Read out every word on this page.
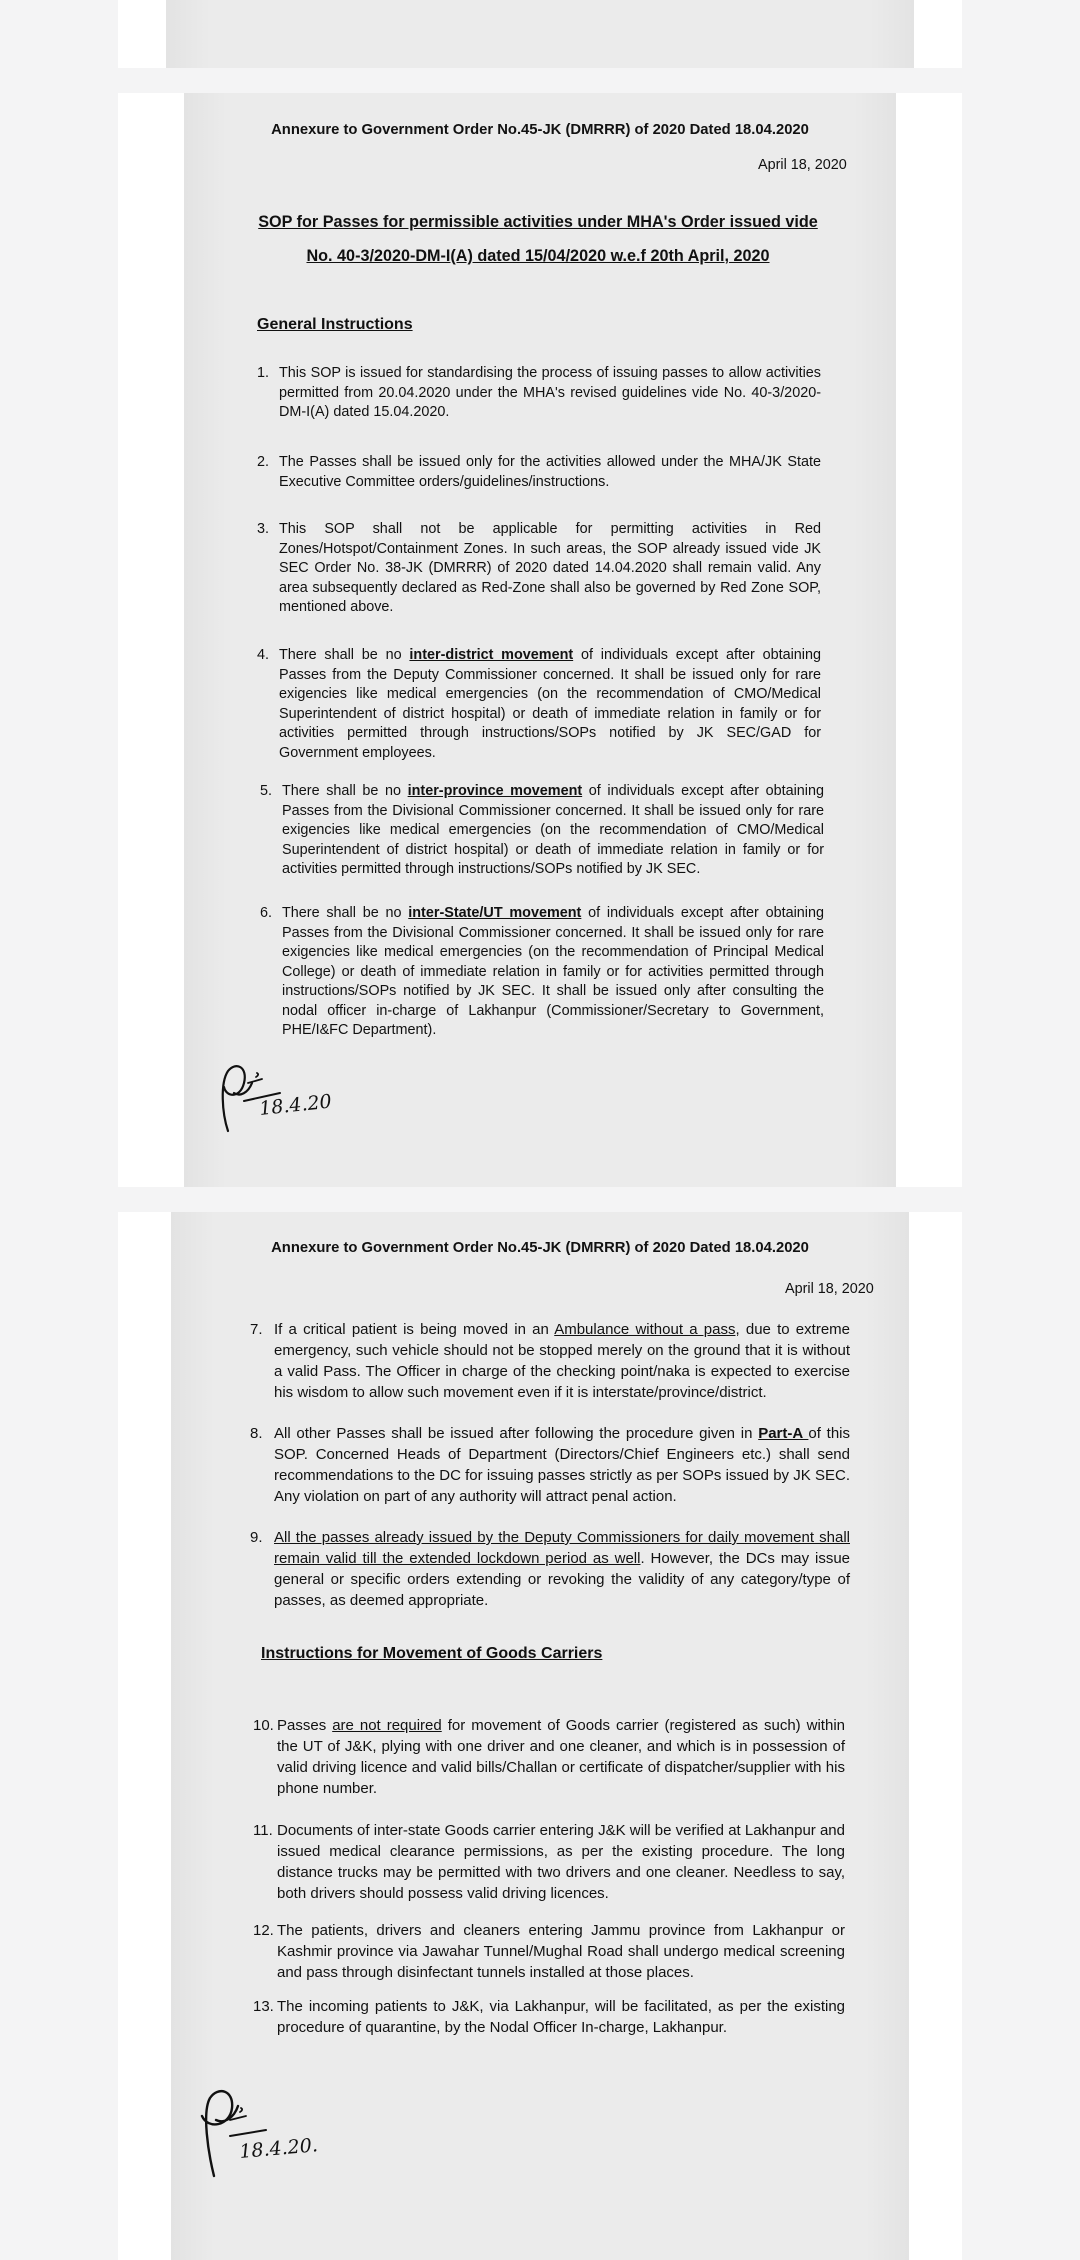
Annexure to Government Order No.45-JK (DMRRR) of 2020 Dated 18.04.2020
April 18, 2020
SOP for Passes for permissible activities under MHA's Order issued vide
No. 40-3/2020-DM-I(A) dated 15/04/2020 w.e.f 20th April, 2020
General Instructions
1. This SOP is issued for standardising the process of issuing passes to allow activities permitted from 20.04.2020 under the MHA's revised guidelines vide No. 40-3/2020-DM-I(A) dated 15.04.2020.
2. The Passes shall be issued only for the activities allowed under the MHA/JK State Executive Committee orders/guidelines/instructions.
3. This SOP shall not be applicable for permitting activities in Red Zones/Hotspot/Containment Zones. In such areas, the SOP already issued vide JK SEC Order No. 38-JK (DMRRR) of 2020 dated 14.04.2020 shall remain valid. Any area subsequently declared as Red-Zone shall also be governed by Red Zone SOP, mentioned above.
4. There shall be no inter-district movement of individuals except after obtaining Passes from the Deputy Commissioner concerned. It shall be issued only for rare exigencies like medical emergencies (on the recommendation of CMO/Medical Superintendent of district hospital) or death of immediate relation in family or for activities permitted through instructions/SOPs notified by JK SEC/GAD for Government employees.
5. There shall be no inter-province movement of individuals except after obtaining Passes from the Divisional Commissioner concerned. It shall be issued only for rare exigencies like medical emergencies (on the recommendation of CMO/Medical Superintendent of district hospital) or death of immediate relation in family or for activities permitted through instructions/SOPs notified by JK SEC.
6. There shall be no inter-State/UT movement of individuals except after obtaining Passes from the Divisional Commissioner concerned. It shall be issued only for rare exigencies like medical emergencies (on the recommendation of Principal Medical College) or death of immediate relation in family or for activities permitted through instructions/SOPs notified by JK SEC. It shall be issued only after consulting the nodal officer in-charge of Lakhanpur (Commissioner/Secretary to Government, PHE/I&FC Department).
18.4.20
Annexure to Government Order No.45-JK (DMRRR) of 2020 Dated 18.04.2020
April 18, 2020
7. If a critical patient is being moved in an Ambulance without a pass, due to extreme emergency, such vehicle should not be stopped merely on the ground that it is without a valid Pass. The Officer in charge of the checking point/naka is expected to exercise his wisdom to allow such movement even if it is interstate/province/district.
8. All other Passes shall be issued after following the procedure given in Part-A of this SOP. Concerned Heads of Department (Directors/Chief Engineers etc.) shall send recommendations to the DC for issuing passes strictly as per SOPs issued by JK SEC. Any violation on part of any authority will attract penal action.
9. All the passes already issued by the Deputy Commissioners for daily movement shall remain valid till the extended lockdown period as well. However, the DCs may issue general or specific orders extending or revoking the validity of any category/type of passes, as deemed appropriate.
Instructions for Movement of Goods Carriers
10. Passes are not required for movement of Goods carrier (registered as such) within the UT of J&K, plying with one driver and one cleaner, and which is in possession of valid driving licence and valid bills/Challan or certificate of dispatcher/supplier with his phone number.
11. Documents of inter-state Goods carrier entering J&K will be verified at Lakhanpur and issued medical clearance permissions, as per the existing procedure. The long distance trucks may be permitted with two drivers and one cleaner. Needless to say, both drivers should possess valid driving licences.
12. The patients, drivers and cleaners entering Jammu province from Lakhanpur or Kashmir province via Jawahar Tunnel/Mughal Road shall undergo medical screening and pass through disinfectant tunnels installed at those places.
13. The incoming patients to J&K, via Lakhanpur, will be facilitated, as per the existing procedure of quarantine, by the Nodal Officer In-charge, Lakhanpur.
18.4.20.
